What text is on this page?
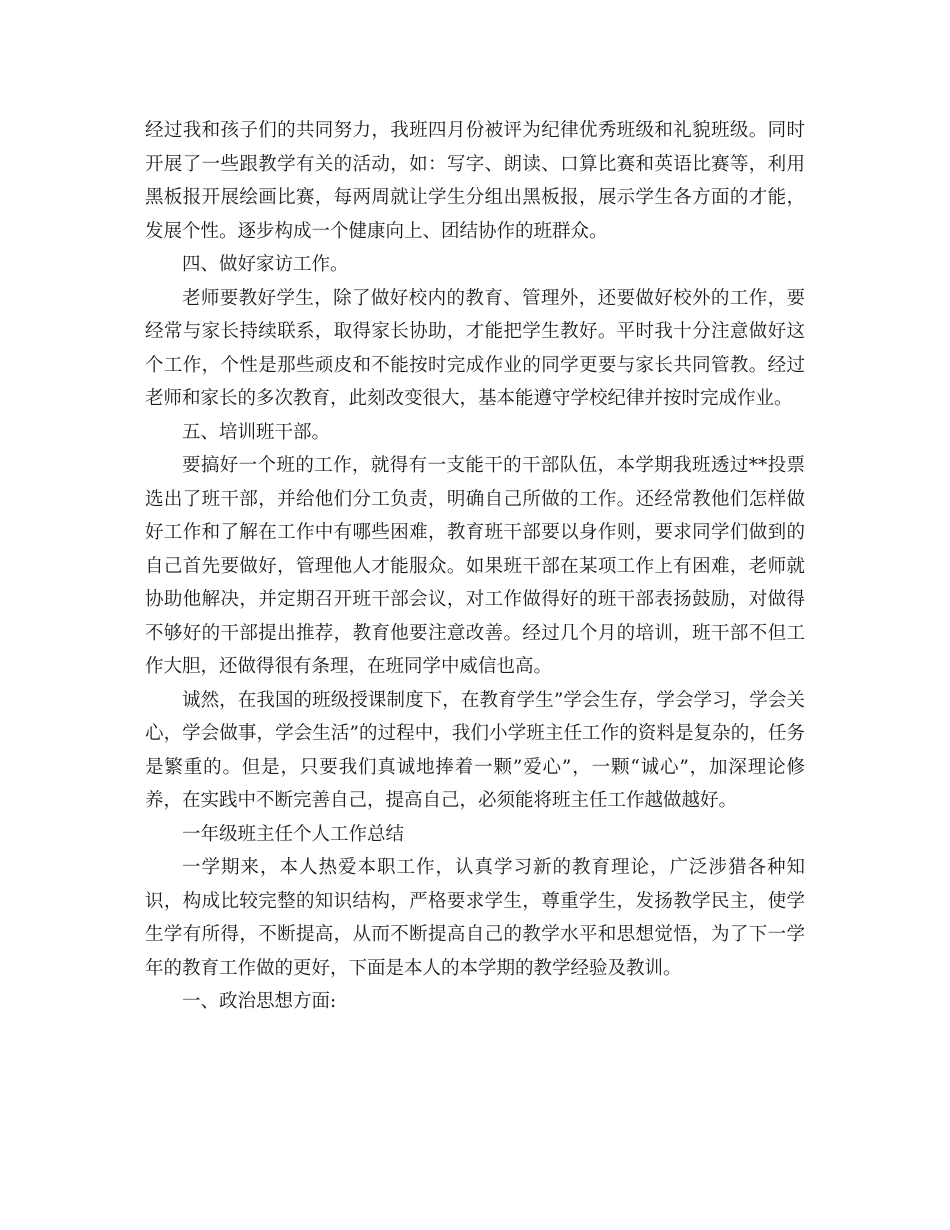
经过我和孩子们的共同努力，我班四月份被评为纪律优秀班级和礼貌班级。同时开展了一些跟教学有关的活动，如：写字、朗读、口算比赛和英语比赛等，利用黑板报开展绘画比赛，每两周就让学生分组出黑板报，展示学生各方面的才能，发展个性。逐步构成一个健康向上、团结协作的班群众。

四、做好家访工作。

老师要教好学生，除了做好校内的教育、管理外，还要做好校外的工作，要经常与家长持续联系，取得家长协助，才能把学生教好。平时我十分注意做好这个工作，个性是那些顽皮和不能按时完成作业的同学更要与家长共同管教。经过老师和家长的多次教育，此刻改变很大，基本能遵守学校纪律并按时完成作业。

五、培训班干部。

要搞好一个班的工作，就得有一支能干的干部队伍，本学期我班透过**投票选出了班干部，并给他们分工负责，明确自己所做的工作。还经常教他们怎样做好工作和了解在工作中有哪些困难，教育班干部要以身作则，要求同学们做到的自己首先要做好，管理他人才能服众。如果班干部在某项工作上有困难，老师就协助他解决，并定期召开班干部会议，对工作做得好的班干部表扬鼓励，对做得不够好的干部提出推荐，教育他要注意改善。经过几个月的培训，班干部不但工作大胆，还做得很有条理，在班同学中威信也高。

诚然，在我国的班级授课制度下，在教育学生”学会生存，学会学习，学会关心，学会做事，学会生活”的过程中，我们小学班主任工作的资料是复杂的，任务是繁重的。但是，只要我们真诚地捧着一颗”爱心”，一颗“诚心”，加深理论修养，在实践中不断完善自己，提高自己，必须能将班主任工作越做越好。

一年级班主任个人工作总结

一学期来，本人热爱本职工作，认真学习新的教育理论，广泛涉猎各种知识，构成比较完整的知识结构，严格要求学生，尊重学生，发扬教学民主，使学生学有所得，不断提高，从而不断提高自己的教学水平和思想觉悟，为了下一学年的教育工作做的更好，下面是本人的本学期的教学经验及教训。

一、政治思想方面:
